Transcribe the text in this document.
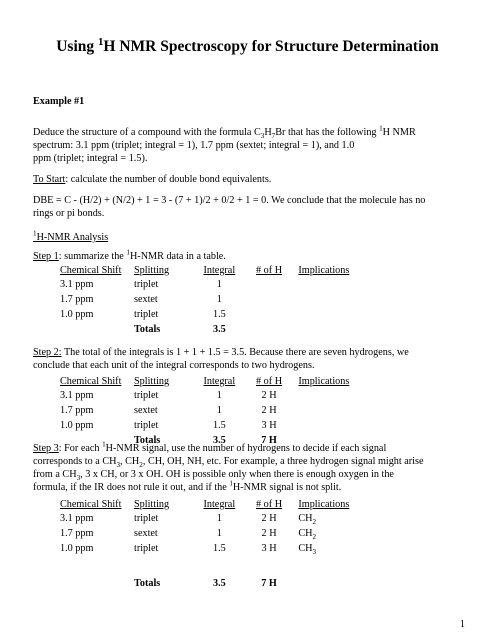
Using $^1$H NMR Spectroscopy for Structure Determination
Example #1
Deduce the structure of a compound with the formula $C_3H_7Br$ that has the following $^1$H NMR
spectrum: 3.1 ppm (triplet; integral = 1), 1.7 ppm (sextet; integral = 1), and 1.0
ppm (triplet; integral = 1.5).
To Start: calculate the number of double bond equivalents.
DBE = C - (H/2) + (N/2) + 1 = 3 - (7 + 1)/2 + 0/2 + 1 = 0. We conclude that the molecule has no
rings or pi bonds.
$^1$H-NMR Analysis
Step 1: summarize the $^1$H-NMR data in a table.
Chemical Shift	Splitting	Integral	# of H	Implications
3.1 ppm	triplet	1		
1.7 ppm	sextet	1		
1.0 ppm	triplet	1.5		
	Totals	3.5		
Step 2: The total of the integrals is 1 + 1 + 1.5 = 3.5. Because there are seven hydrogens, we
conclude that each unit of the integral corresponds to two hydrogens.
Chemical Shift	Splitting	Integral	# of H	Implications
3.1 ppm	triplet	1	2 H	
1.7 ppm	sextet	1	2 H	
1.0 ppm	triplet	1.5	3 H	
	Totals	3.5	7 H	
Step 3: For each $^1$H-NMR signal, use the number of hydrogens to decide if each signal
corresponds to a $CH_3$, $CH_2$, CH, OH, NH, etc. For example, a three hydrogen signal might arise
from a $CH_3$, 3 x CH, or 3 x OH. OH is possible only when there is enough oxygen in the
formula, if the IR does not rule it out, and if the $^1$H-NMR signal is not split.
Chemical Shift	Splitting	Integral	# of H	Implications
3.1 ppm	triplet	1	2 H	$CH_2$
1.7 ppm	sextet	1	2 H	$CH_2$
1.0 ppm	triplet	1.5	3 H	$CH_3$

	Totals	3.5	7 H	
1
